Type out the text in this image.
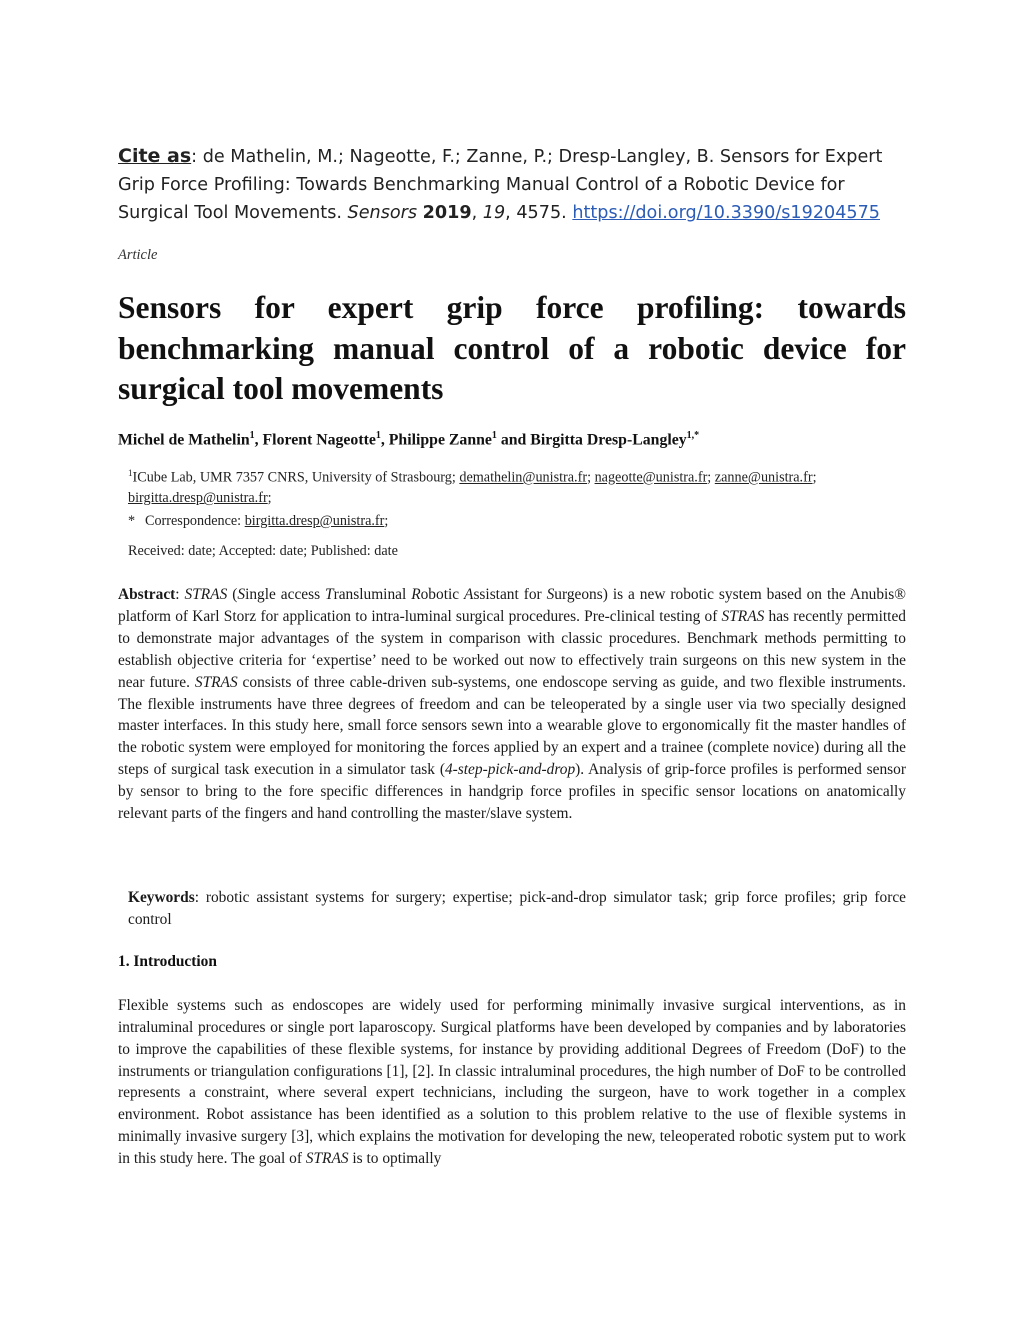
Cite as: de Mathelin, M.; Nageotte, F.; Zanne, P.; Dresp-Langley, B. Sensors for Expert Grip Force Profiling: Towards Benchmarking Manual Control of a Robotic Device for Surgical Tool Movements. Sensors 2019, 19, 4575. https://doi.org/10.3390/s19204575
Article
Sensors for expert grip force profiling: towards benchmarking manual control of a robotic device for surgical tool movements
Michel de Mathelin$^1$, Florent Nageotte$^1$, Philippe Zanne$^1$ and Birgitta Dresp-Langley$^{1,*}$
$^1$ICube Lab, UMR 7357 CNRS, University of Strasbourg; demathelin@unistra.fr; nageotte@unistra.fr; zanne@unistra.fr; birgitta.dresp@unistra.fr;
* Correspondence: birgitta.dresp@unistra.fr;
Received: date; Accepted: date; Published: date

Abstract: STRAS (Single access Transluminal Robotic Assistant for Surgeons) is a new robotic system based on the Anubis® platform of Karl Storz for application to intra-luminal surgical procedures. Pre-clinical testing of STRAS has recently permitted to demonstrate major advantages of the system in comparison with classic procedures. Benchmark methods permitting to establish objective criteria for ‘expertise’ need to be worked out now to effectively train surgeons on this new system in the near future. STRAS consists of three cable-driven sub-systems, one endoscope serving as guide, and two flexible instruments. The flexible instruments have three degrees of freedom and can be teleoperated by a single user via two specially designed master interfaces. In this study here, small force sensors sewn into a wearable glove to ergonomically fit the master handles of the robotic system were employed for monitoring the forces applied by an expert and a trainee (complete novice) during all the steps of surgical task execution in a simulator task (4-step-pick-and-drop). Analysis of grip-force profiles is performed sensor by sensor to bring to the fore specific differences in handgrip force profiles in specific sensor locations on anatomically relevant parts of the fingers and hand controlling the master/slave system.

Keywords: robotic assistant systems for surgery; expertise; pick-and-drop simulator task; grip force profiles; grip force control

1. Introduction

Flexible systems such as endoscopes are widely used for performing minimally invasive surgical interventions, as in intraluminal procedures or single port laparoscopy. Surgical platforms have been developed by companies and by laboratories to improve the capabilities of these flexible systems, for instance by providing additional Degrees of Freedom (DoF) to the instruments or triangulation configurations [1], [2]. In classic intraluminal procedures, the high number of DoF to be controlled represents a constraint, where several expert technicians, including the surgeon, have to work together in a complex environment. Robot assistance has been identified as a solution to this problem relative to the use of flexible systems in minimally invasive surgery [3], which explains the motivation for developing the new, teleoperated robotic system put to work in this study here. The goal of STRAS is to optimally
